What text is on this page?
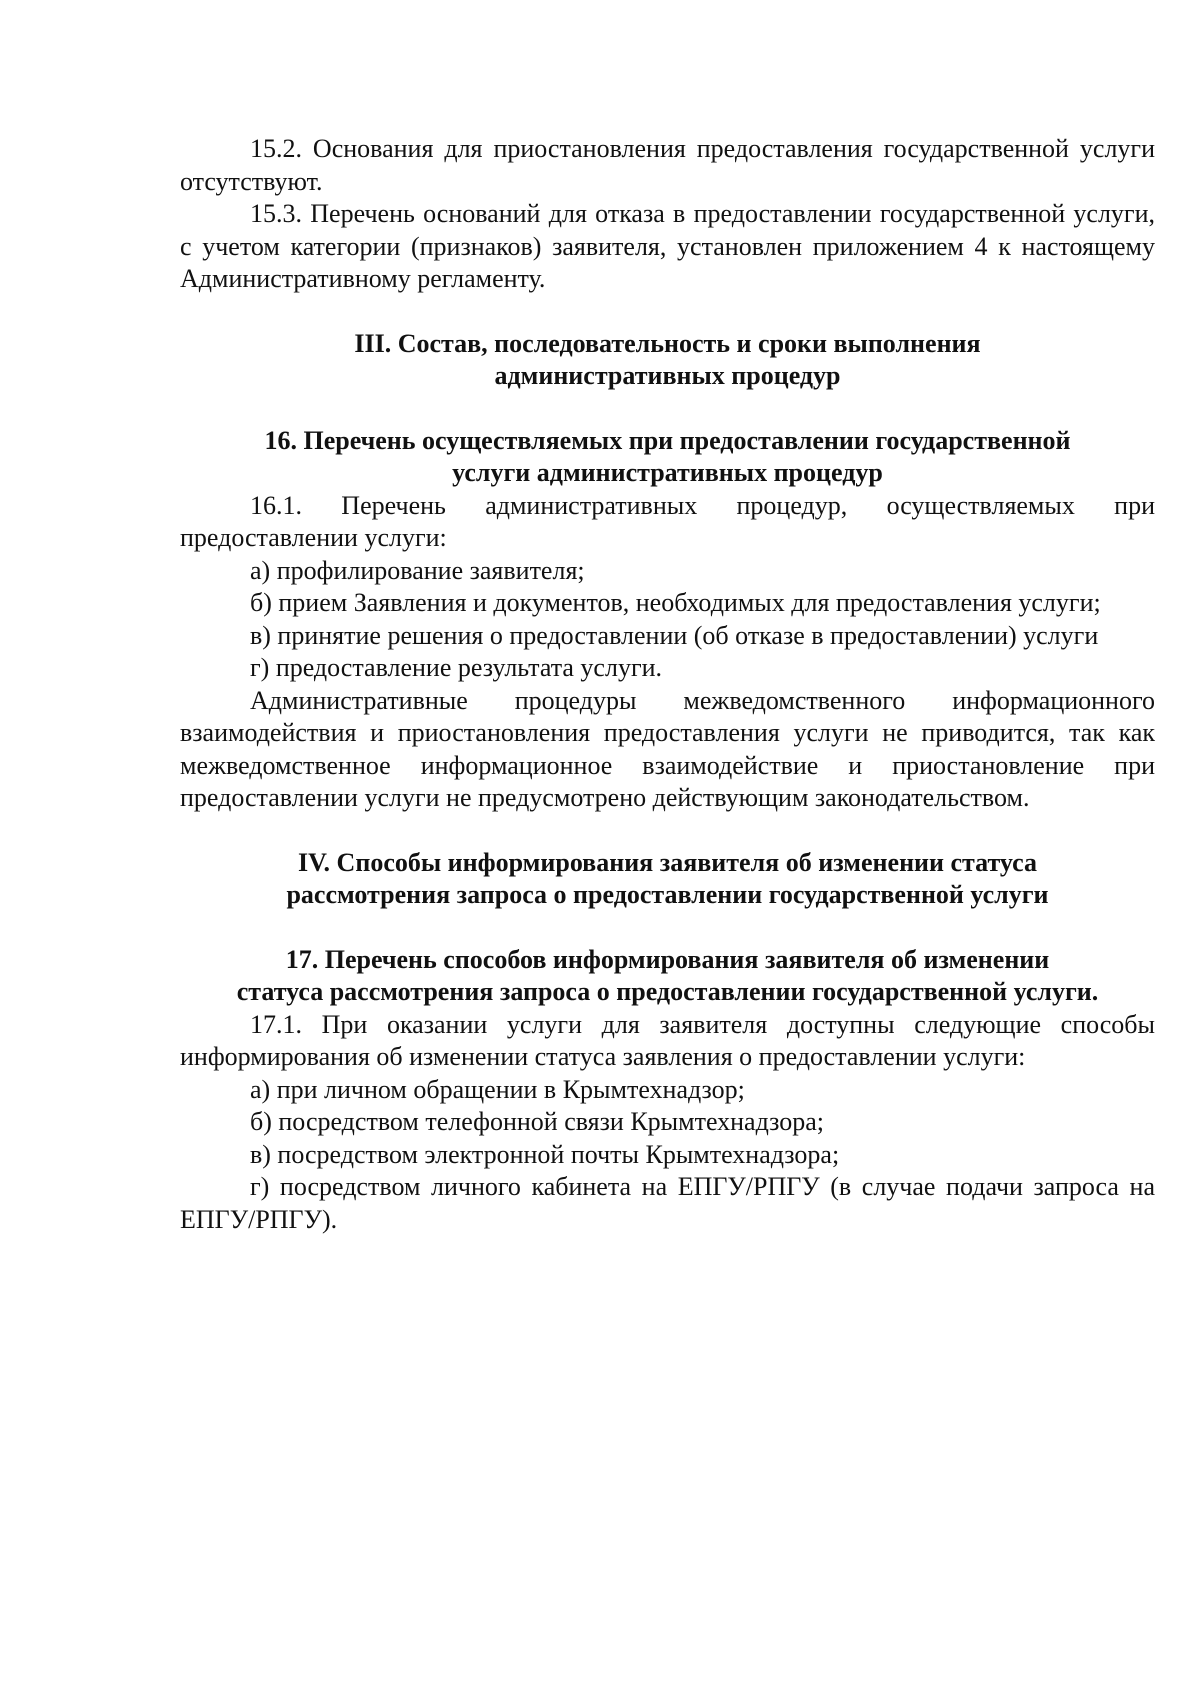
15.2. Основания для приостановления предоставления государственной услуги отсутствуют.

15.3. Перечень оснований для отказа в предоставлении государственной услуги, с учетом категории (признаков) заявителя, установлен приложением 4 к настоящему Административному регламенту.

III. Состав, последовательность и сроки выполнения
административных процедур
16. Перечень осуществляемых при предоставлении государственной
услуги административных процедур

16.1. Перечень административных процедур, осуществляемых при предоставлении услуги:

а) профилирование заявителя;

б) прием Заявления и документов, необходимых для предоставления услуги;

в) принятие решения о предоставлении (об отказе в предоставлении) услуги

г) предоставление результата услуги.

Административные процедуры межведомственного информационного взаимодействия и приостановления предоставления услуги не приводится, так как межведомственное информационное взаимодействие и приостановление при предоставлении услуги не предусмотрено действующим законодательством.

IV. Способы информирования заявителя об изменении статуса
рассмотрения запроса о предоставлении государственной услуги
17. Перечень способов информирования заявителя об изменении
статуса рассмотрения запроса о предоставлении государственной услуги.

17.1. При оказании услуги для заявителя доступны следующие способы информирования об изменении статуса заявления о предоставлении услуги:

а) при личном обращении в Крымтехнадзор;

б) посредством телефонной связи Крымтехнадзора;

в) посредством электронной почты Крымтехнадзора;

г) посредством личного кабинета на ЕПГУ/РПГУ (в случае подачи запроса на ЕПГУ/РПГУ).
